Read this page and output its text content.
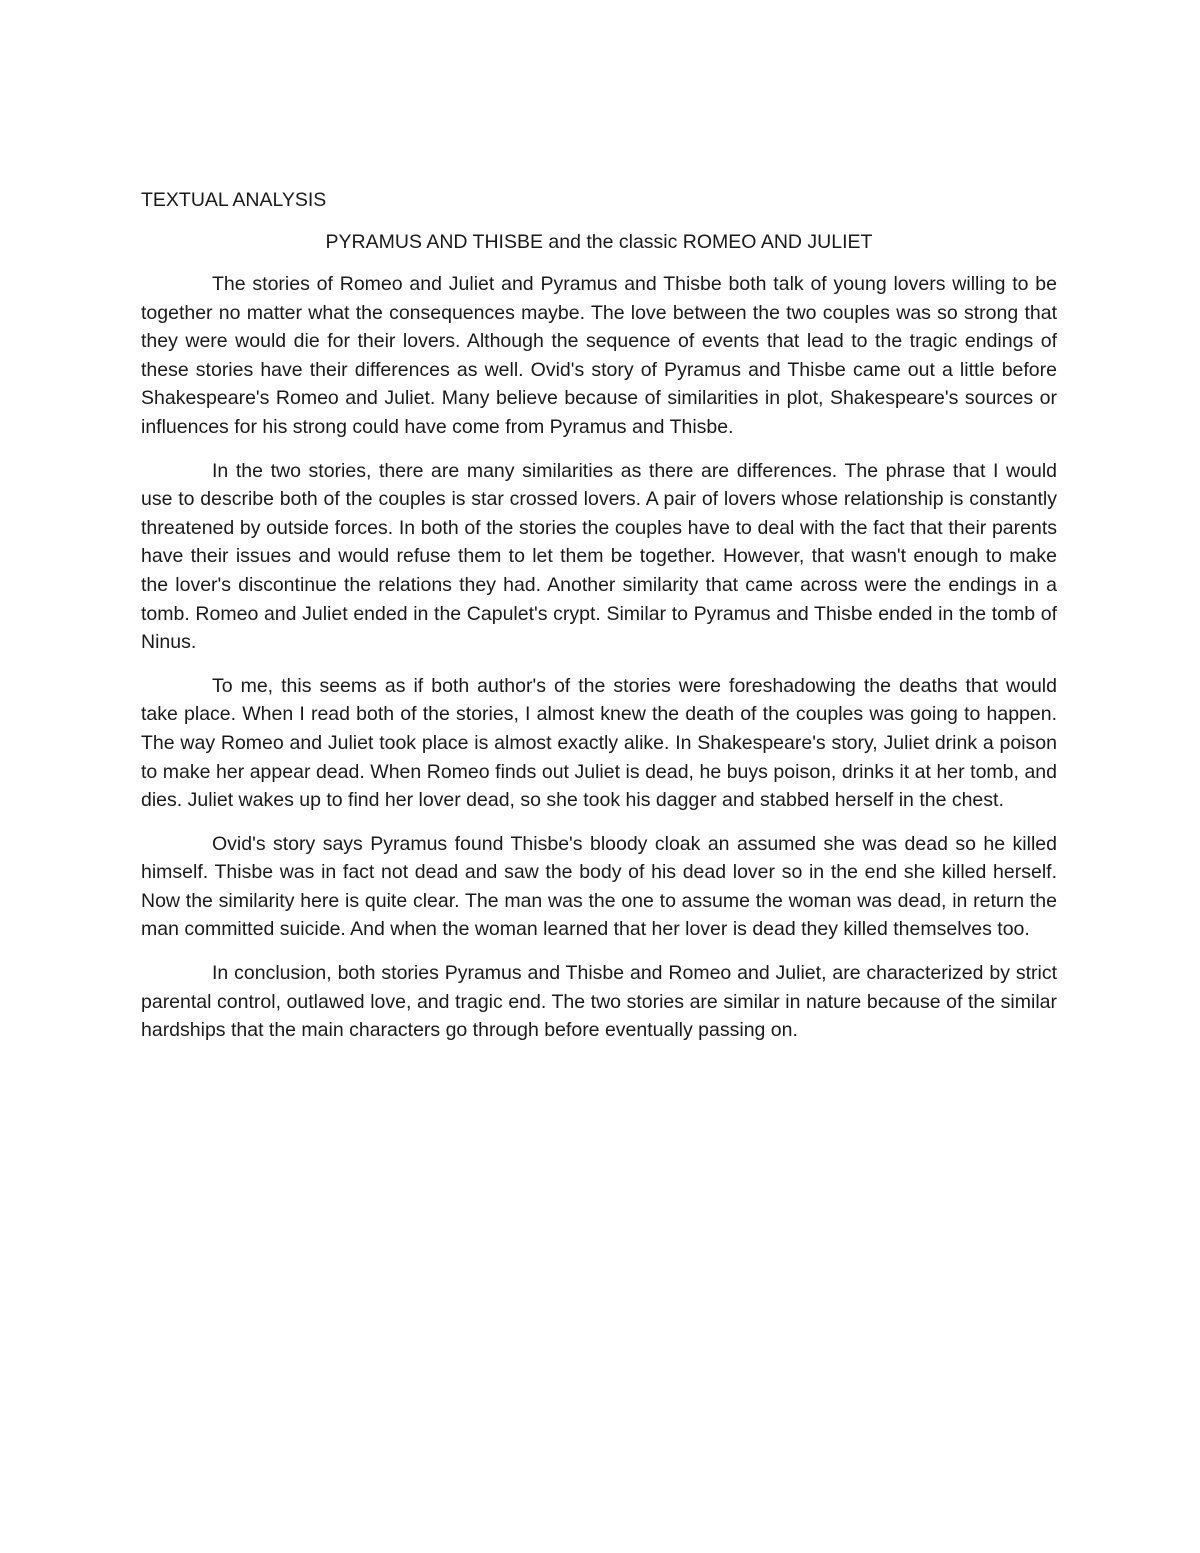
TEXTUAL ANALYSIS

PYRAMUS AND THISBE and the classic ROMEO AND JULIET

The stories of Romeo and Juliet and Pyramus and Thisbe both talk of young lovers willing to be together no matter what the consequences maybe. The love between the two couples was so strong that they were would die for their lovers. Although the sequence of events that lead to the tragic endings of these stories have their differences as well. Ovid's story of Pyramus and Thisbe came out a little before Shakespeare's Romeo and Juliet. Many believe because of similarities in plot, Shakespeare's sources or influences for his strong could have come from Pyramus and Thisbe.

In the two stories, there are many similarities as there are differences. The phrase that I would use to describe both of the couples is star crossed lovers. A pair of lovers whose relationship is constantly threatened by outside forces. In both of the stories the couples have to deal with the fact that their parents have their issues and would refuse them to let them be together. However, that wasn't enough to make the lover's discontinue the relations they had. Another similarity that came across were the endings in a tomb. Romeo and Juliet ended in the Capulet's crypt. Similar to Pyramus and Thisbe ended in the tomb of Ninus.

To me, this seems as if both author's of the stories were foreshadowing the deaths that would take place. When I read both of the stories, I almost knew the death of the couples was going to happen. The way Romeo and Juliet took place is almost exactly alike. In Shakespeare's story, Juliet drink a poison to make her appear dead. When Romeo finds out Juliet is dead, he buys poison, drinks it at her tomb, and dies. Juliet wakes up to find her lover dead, so she took his dagger and stabbed herself in the chest.

Ovid's story says Pyramus found Thisbe's bloody cloak an assumed she was dead so he killed himself. Thisbe was in fact not dead and saw the body of his dead lover so in the end she killed herself. Now the similarity here is quite clear. The man was the one to assume the woman was dead, in return the man committed suicide. And when the woman learned that her lover is dead they killed themselves too.

In conclusion, both stories Pyramus and Thisbe and Romeo and Juliet, are characterized by strict parental control, outlawed love, and tragic end. The two stories are similar in nature because of the similar hardships that the main characters go through before eventually passing on.
